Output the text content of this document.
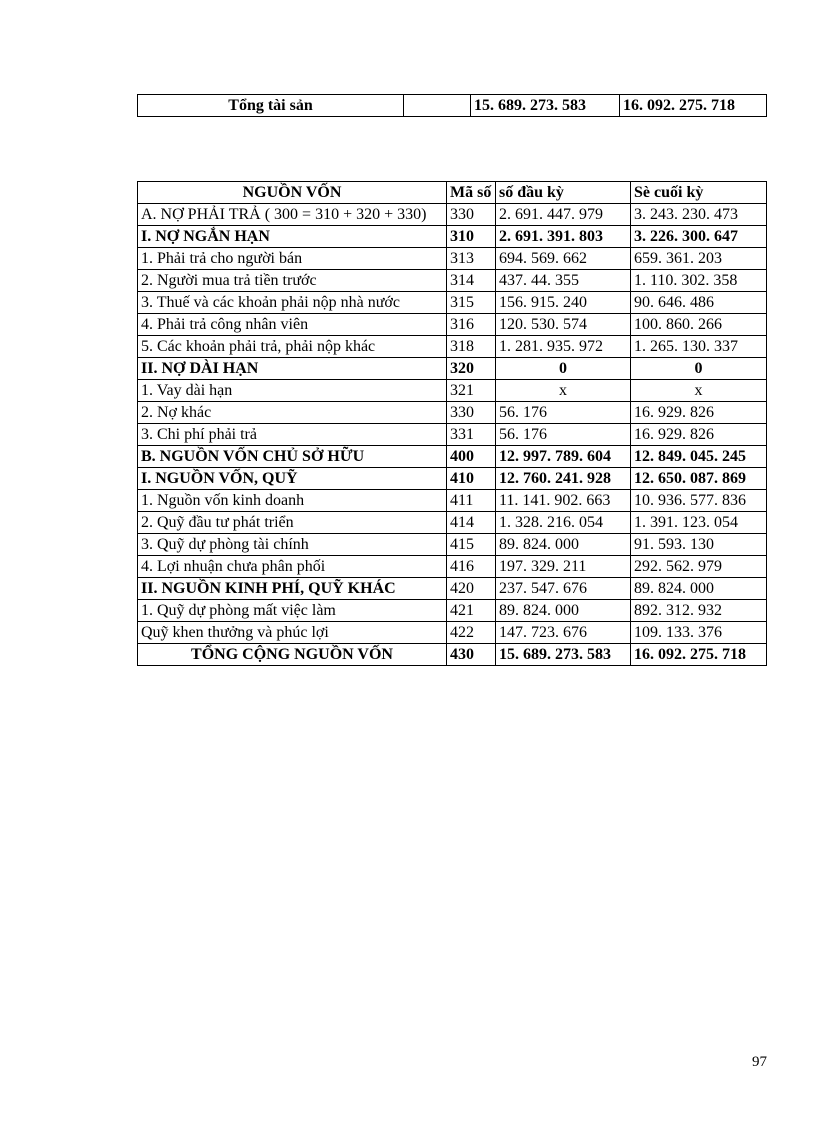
Tổng tài sản		15. 689. 273. 583	16. 092. 275. 718
NGUỒN VỐN	Mã số	số đầu kỳ	Sè cuối kỳ
A. NỢ PHẢI TRẢ ( 300 = 310 + 320 + 330)	330	2. 691. 447. 979	3. 243. 230. 473
I. NỢ NGẮN HẠN	310	2. 691. 391. 803	3. 226. 300. 647
1. Phải trả cho người bán	313	694. 569. 662	659. 361. 203
2. Người mua trả tiền trước	314	437. 44. 355	1. 110. 302. 358
3. Thuế và các khoản phải nộp nhà nước	315	156. 915. 240	90. 646. 486
4. Phải trả công nhân viên	316	120. 530. 574	100. 860. 266
5. Các khoản phải trả, phải nộp khác	318	1. 281. 935. 972	1. 265. 130. 337
II. NỢ DÀI HẠN	320	0	0
1. Vay dài hạn	321	x	x
2. Nợ khác	330	56. 176	16. 929. 826
3. Chi phí phải trả	331	56. 176	16. 929. 826
B. NGUỒN VỐN CHỦ SỞ HỮU	400	12. 997. 789. 604	12. 849. 045. 245
I. NGUỒN VỐN, QUỸ	410	12. 760. 241. 928	12. 650. 087. 869
1. Nguồn vốn kinh doanh	411	11. 141. 902. 663	10. 936. 577. 836
2. Quỹ đầu tư phát triển	414	1. 328. 216. 054	1. 391. 123. 054
3. Quỹ dự phòng tài chính	415	89. 824. 000	91. 593. 130
4. Lợi nhuận chưa phân phối	416	197. 329. 211	292. 562. 979
II. NGUỒN KINH PHÍ, QUỸ KHÁC	420	237. 547. 676	89. 824. 000
1. Quỹ dự phòng mất việc làm	421	89. 824. 000	892. 312. 932
Quỹ khen thưởng và phúc lợi	422	147. 723. 676	109. 133. 376
TỔNG CỘNG NGUỒN VỐN	430	15. 689. 273. 583	16. 092. 275. 718
97
